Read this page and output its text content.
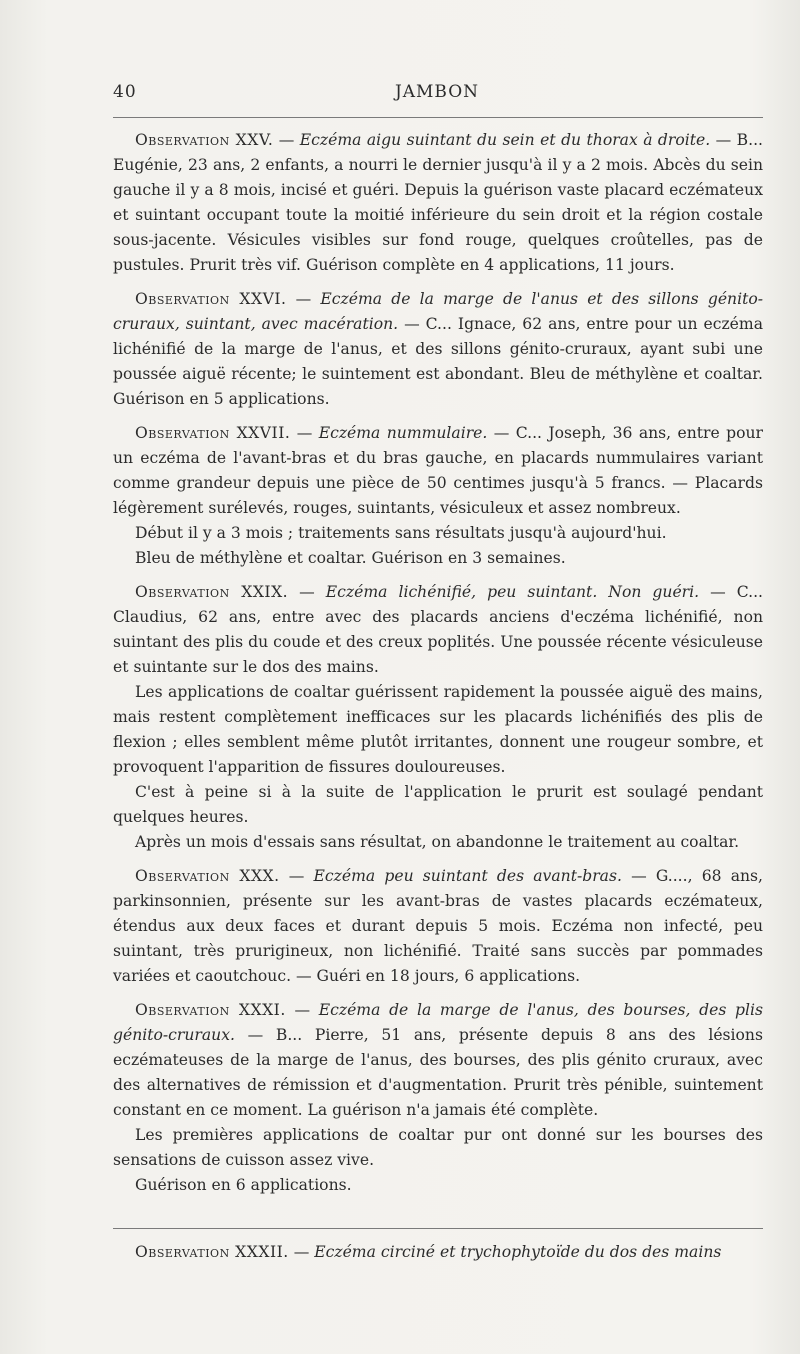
40	JAMBON

Observation XXV. — Eczéma aigu suintant du sein et du thorax à droite. — B... Eugénie, 23 ans, 2 enfants, a nourri le dernier jusqu'à il y a 2 mois. Abcès du sein gauche il y a 8 mois, incisé et guéri. Depuis la guérison vaste placard eczémateux et suintant occupant toute la moitié inférieure du sein droit et la région costale sous-jacente. Vésicules visibles sur fond rouge, quelques croûtelles, pas de pustules. Prurit très vif. Guérison complète en 4 applications, 11 jours.

Observation XXVI. — Eczéma de la marge de l'anus et des sillons génito-cruraux, suintant, avec macération. — C... Ignace, 62 ans, entre pour un eczéma lichénifié de la marge de l'anus, et des sillons génito-cruraux, ayant subi une poussée aiguë récente; le suintement est abondant. Bleu de méthylène et coaltar. Guérison en 5 applications.

Observation XXVII. — Eczéma nummulaire. — C... Joseph, 36 ans, entre pour un eczéma de l'avant-bras et du bras gauche, en placards nummulaires variant comme grandeur depuis une pièce de 50 centimes jusqu'à 5 francs. — Placards légèrement surélevés, rouges, suintants, vésiculeux et assez nombreux.

Début il y a 3 mois ; traitements sans résultats jusqu'à aujourd'hui.

Bleu de méthylène et coaltar. Guérison en 3 semaines.

Observation XXIX. — Eczéma lichénifié, peu suintant. Non guéri. — C... Claudius, 62 ans, entre avec des placards anciens d'eczéma lichénifié, non suintant des plis du coude et des creux poplités. Une poussée récente vésiculeuse et suintante sur le dos des mains.

Les applications de coaltar guérissent rapidement la poussée aiguë des mains, mais restent complètement inefficaces sur les placards lichénifiés des plis de flexion ; elles semblent même plutôt irritantes, donnent une rougeur sombre, et provoquent l'apparition de fissures douloureuses.

C'est à peine si à la suite de l'application le prurit est soulagé pendant quelques heures.

Après un mois d'essais sans résultat, on abandonne le traitement au coaltar.

Observation XXX. — Eczéma peu suintant des avant-bras. — G...., 68 ans, parkinsonnien, présente sur les avant-bras de vastes placards eczémateux, étendus aux deux faces et durant depuis 5 mois. Eczéma non infecté, peu suintant, très prurigineux, non lichénifié. Traité sans succès par pommades variées et caoutchouc. — Guéri en 18 jours, 6 applications.

Observation XXXI. — Eczéma de la marge de l'anus, des bourses, des plis génito-cruraux. — B... Pierre, 51 ans, présente depuis 8 ans des lésions eczémateuses de la marge de l'anus, des bourses, des plis génito cruraux, avec des alternatives de rémission et d'augmentation. Prurit très pénible, suintement constant en ce moment. La guérison n'a jamais été complète.

Les premières applications de coaltar pur ont donné sur les bourses des sensations de cuisson assez vive.

Guérison en 6 applications.

Observation XXXII. — Eczéma circiné et trychophytoïde du dos des mains
